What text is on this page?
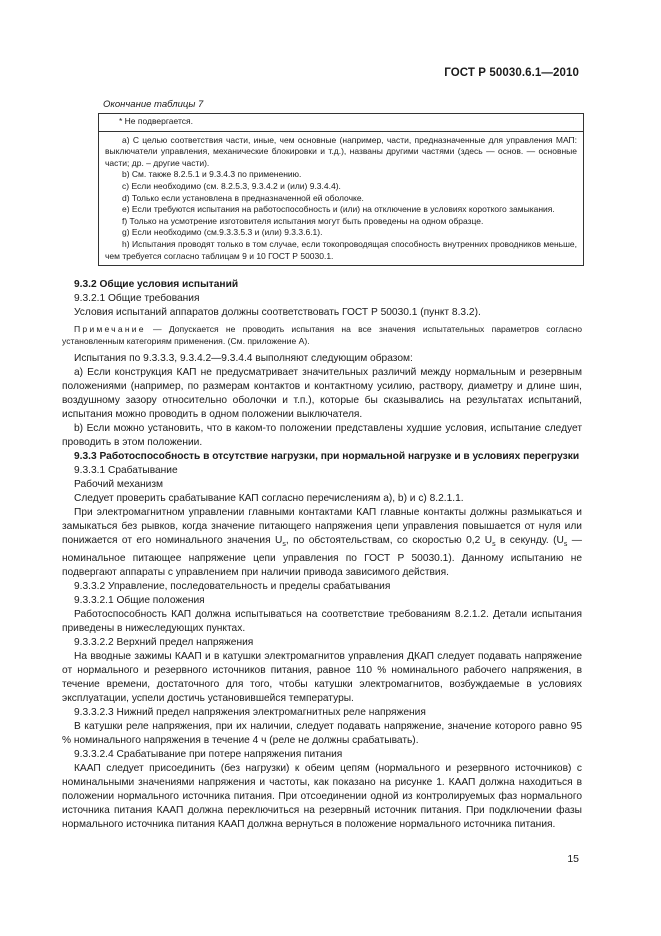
ГОСТ Р 50030.6.1—2010
Окончание таблицы 7
* Не подвергается.

а) С целью соответствия части, иные, чем основные (например, части, предназначенные для управления МАП: выключатели управления, механические блокировки и т.д.), названы другими частями (здесь — основ. — основные части; др. – другие части).

b) См. также 8.2.5.1 и 9.3.4.3 по применению.

c) Если необходимо (см. 8.2.5.3, 9.3.4.2 и (или) 9.3.4.4).

d) Только если установлена в предназначенной ей оболочке.

e) Если требуются испытания на работоспособность и (или) на отключение в условиях короткого замыкания.

f) Только на усмотрение изготовителя испытания могут быть проведены на одном образце.

g) Если необходимо (см.9.3.3.5.3 и (или) 9.3.3.6.1).

h) Испытания проводят только в том случае, если токопроводящая способность внутренних проводников меньше, чем требуется согласно таблицам 9 и 10 ГОСТ Р 50030.1.

9.3.2 Общие условия испытаний

9.3.2.1 Общие требования

Условия испытаний аппаратов должны соответствовать ГОСТ Р 50030.1 (пункт 8.3.2).

Примечание — Допускается не проводить испытания на все значения испытательных параметров согласно установленным категориям применения. (См. приложение А).

Испытания по 9.3.3.3, 9.3.4.2—9.3.4.4 выполняют следующим образом:

a) Если конструкция КАП не предусматривает значительных различий между нормальным и резервным положениями (например, по размерам контактов и контактному усилию, раствору, диаметру и длине шин, воздушному зазору относительно оболочки и т.п.), которые бы сказывались на результатах испытаний, испытания можно проводить в одном положении выключателя.

b) Если можно установить, что в каком-то положении представлены худшие условия, испытание следует проводить в этом положении.

9.3.3 Работоспособность в отсутствие нагрузки, при нормальной нагрузке и в условиях перегрузки

9.3.3.1 Срабатывание

Рабочий механизм

Следует проверить срабатывание КАП согласно перечислениям a), b) и c) 8.2.1.1.

При электромагнитном управлении главными контактами КАП главные контакты должны размыкаться и замыкаться без рывков, когда значение питающего напряжения цепи управления повышается от нуля или понижается от его номинального значения $U_s$, по обстоятельствам, со скоростью 0,2 $U_s$ в секунду. ($U_s$ — номинальное питающее напряжение цепи управления по ГОСТ Р 50030.1). Данному испытанию не подвергают аппараты с управлением при наличии привода зависимого действия.

9.3.3.2 Управление, последовательность и пределы срабатывания

9.3.3.2.1 Общие положения

Работоспособность КАП должна испытываться на соответствие требованиям 8.2.1.2. Детали испытания приведены в нижеследующих пунктах.

9.3.3.2.2 Верхний предел напряжения

На вводные зажимы КААП и в катушки электромагнитов управления ДКАП следует подавать напряжение от нормального и резервного источников питания, равное 110 % номинального рабочего напряжения, в течение времени, достаточного для того, чтобы катушки электромагнитов, возбуждаемые в условиях эксплуатации, успели достичь установившейся температуры.

9.3.3.2.3 Нижний предел напряжения электромагнитных реле напряжения

В катушки реле напряжения, при их наличии, следует подавать напряжение, значение которого равно 95 % номинального напряжения в течение 4 ч (реле не должны срабатывать).

9.3.3.2.4 Срабатывание при потере напряжения питания

КААП следует присоединить (без нагрузки) к обеим цепям (нормального и резервного источников) с номинальными значениями напряжения и частоты, как показано на рисунке 1. КААП должна находиться в положении нормального источника питания. При отсоединении одной из контролируемых фаз нормального источника питания КААП должна переключиться на резервный источник питания. При подключении фазы нормального источника питания КААП должна вернуться в положение нормального источника питания.

15
